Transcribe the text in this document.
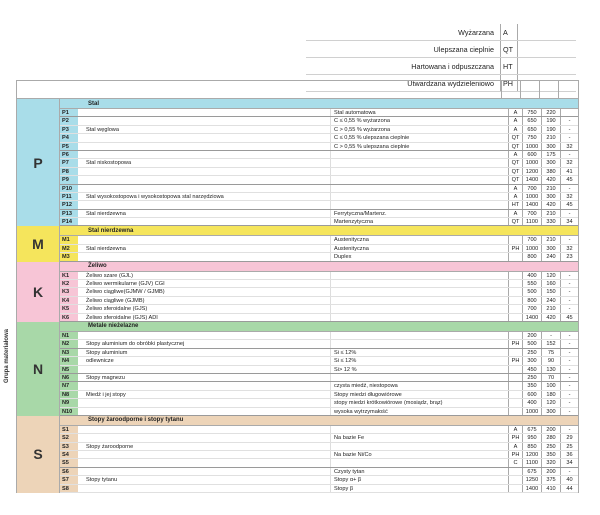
Wyżarzana	A
Ulepszana cieplnie	QT
Hartowana i odpuszczana	HT
Utwardzana wydzieleniowo	PH
Grupa materiałowa
P
Stal
P1	Stal automatowa	A	750	220
P2	C ≤ 0,55 % wyżarzona	A	650	190	-
P3	Stal węglowa	C > 0,55 % wyżarzona	A	650	190	-
P4	C ≤ 0,55 % ulepszana cieplnie	QT	750	210	-
P5	C > 0,55 % ulepszana cieplnie	QT	1000	300	32
P6	A	600	175	-
P7	Stal niskostopowa	QT	1000	300	32
P8	QT	1200	380	41
P9	QT	1400	420	45
P10	A	700	210	-
P11	Stal wysokostopowa i wysokostopowa stal narzędziowa	A	1000	300	32
P12	HT	1400	420	45
P13	Stal nierdzewna	Ferrytyczna/Martenz.	A	700	210	-
P14	Martenzytyczna	QT	1100	330	34
M
Stal nierdzewna
M1	Austenityczna	700	210	-
M2	Stal nierdzewna	Austenityczna	PH	1000	300	32
M3	Duplex	800	240	23
K
Żeliwo
K1	Żeliwo szare (GJL)	400	120	-
K2	Żeliwo wermikularne (GJV) CGI	550	160	-
K3	Żeliwo ciągliwe(GJMW / GJMB)	500	150	-
K4	Żeliwo ciągliwe (GJMB)	800	240	-
K5	Żeliwo sferoidalne (GJS)	700	210	-
K6	Żeliwo sferoidalne (GJS) ADI	1400	420	45
N
Metale nieżelazne
N1	200	-	-
N2	Stopy aluminium do obróbki plastycznej	PH	500	152	-
N3	Stopy aluminium	Si ≤ 12%	250	75	-
N4	odlewnicze	Si ≤ 12%	PH	300	90	-
N5	Si> 12 %	450	130	-
N6	Stopy magnezu	250	70	-
N7	czysta miedź, niestopowa	350	100	-
N8	Miedź i jej stopy	Stopy miedzi długowiórowe	600	180	-
N9	stopy miedzi krótkowiórowe (mosiądz, brąz)	400	120	-
N10	wysoka wytrzymałość	1000	300	-
S
Stopy żaroodporne i stopy tytanu
S1	A	675	200	-
S2	Na bazie Fe	PH	950	280	29
S3	Stopy żaroodporne	A	850	250	25
S4	Na bazie Ni/Co	PH	1200	350	36
S5	C	1100	320	34
S6	Czysty tytan	675	200	-
S7	Stopy tytanu	Stopy α+ β	1250	375	40
S8	Stopy β	1400	410	44
